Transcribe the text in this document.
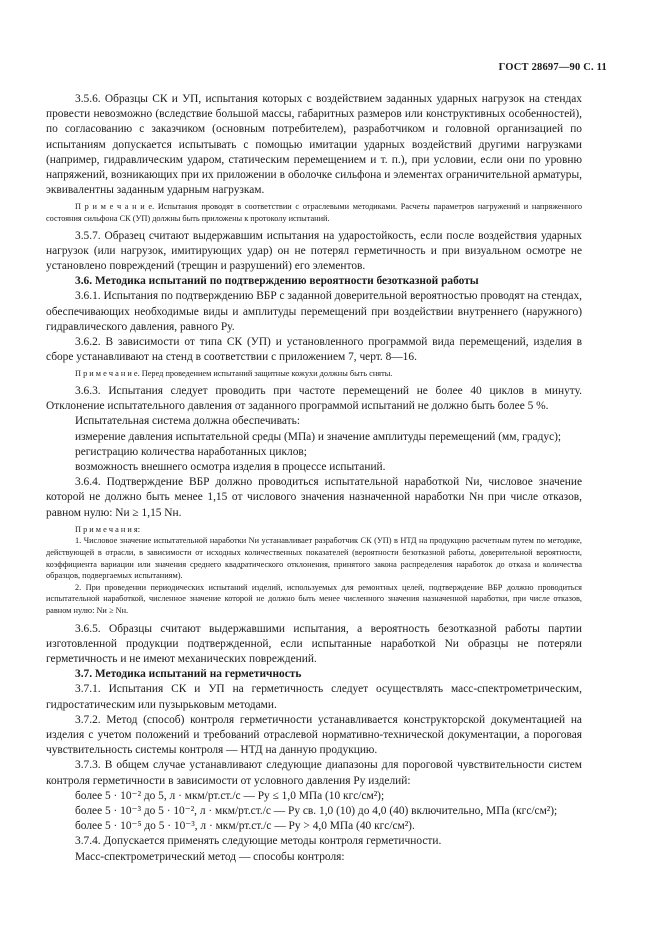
ГОСТ 28697—90 С. 11

3.5.6. Образцы СК и УП, испытания которых с воздействием заданных ударных нагрузок на стендах провести невозможно (вследствие большой массы, габаритных размеров или конструктивных особенностей), по согласованию с заказчиком (основным потребителем), разработчиком и головной организацией по испытаниям допускается испытывать с помощью имитации ударных воздействий другими нагрузками (например, гидравлическим ударом, статическим перемещением и т. п.), при условии, если они по уровню напряжений, возникающих при их приложении в оболочке сильфона и элементах ограничительной арматуры, эквивалентны заданным ударным нагрузкам.

П р и м е ч а н и е. Испытания проводят в соответствии с отраслевыми методиками. Расчеты параметров нагружений и напряженного состояния сильфона СК (УП) должны быть приложены к протоколу испытаний.

3.5.7. Образец считают выдержавшим испытания на ударостойкость, если после воздействия ударных нагрузок (или нагрузок, имитирующих удар) он не потерял герметичность и при визуальном осмотре не установлено повреждений (трещин и разрушений) его элементов.

3.6. Методика испытаний по подтверждению вероятности безотказной работы

3.6.1. Испытания по подтверждению ВБР с заданной доверительной вероятностью проводят на стендах, обеспечивающих необходимые виды и амплитуды перемещений при воздействии внутреннего (наружного) гидравлического давления, равного Pу.

3.6.2. В зависимости от типа СК (УП) и установленного программой вида перемещений, изделия в сборе устанавливают на стенд в соответствии с приложением 7, черт. 8—16.

П р и м е ч а н и е. Перед проведением испытаний защитные кожухи должны быть сняты.

3.6.3. Испытания следует проводить при частоте перемещений не более 40 циклов в минуту. Отклонение испытательного давления от заданного программой испытаний не должно быть более 5 %.

Испытательная система должна обеспечивать:

измерение давления испытательной среды (МПа) и значение амплитуды перемещений (мм, градус);

регистрацию количества наработанных циклов;

возможность внешнего осмотра изделия в процессе испытаний.

3.6.4. Подтверждение ВБР должно проводиться испытательной наработкой Nи, числовое значение которой не должно быть менее 1,15 от числового значения назначенной наработки Nн при числе отказов, равном нулю: Nи ≥ 1,15 Nн.

П р и м е ч а н и я:

1. Числовое значение испытательной наработки Nи устанавливает разработчик СК (УП) в НТД на продукцию расчетным путем по методике, действующей в отрасли, в зависимости от исходных количественных показателей (вероятности безотказной работы, доверительной вероятности, коэффициента вариации или значения среднего квадратического отклонения, принятого закона распределения наработок до отказа и количества образцов, подвергаемых испытаниям).

2. При проведении периодических испытаний изделий, используемых для ремонтных целей, подтверждение ВБР должно проводиться испытательной наработкой, численное значение которой не должно быть менее численного значения назначенной наработки, при числе отказов, равном нулю: Nи ≥ Nн.

3.6.5. Образцы считают выдержавшими испытания, а вероятность безотказной работы партии изготовленной продукции подтвержденной, если испытанные наработкой Nи образцы не потеряли герметичность и не имеют механических повреждений.

3.7. Методика испытаний на герметичность

3.7.1. Испытания СК и УП на герметичность следует осуществлять масс-спектрометрическим, гидростатическим или пузырьковым методами.

3.7.2. Метод (способ) контроля герметичности устанавливается конструкторской документацией на изделия с учетом положений и требований отраслевой нормативно-технической документации, а пороговая чувствительность системы контроля — НТД на данную продукцию.

3.7.3. В общем случае устанавливают следующие диапазоны для пороговой чувствительности систем контроля герметичности в зависимости от условного давления Pу изделий:

более 5 · 10⁻² до 5, л · мкм/рт.ст./с — Pу ≤ 1,0 МПа (10 кгс/см²);

более 5 · 10⁻³ до 5 · 10⁻², л · мкм/рт.ст./с — Pу св. 1,0 (10) до 4,0 (40) включительно, МПа (кгс/см²);

более 5 · 10⁻⁵ до 5 · 10⁻³, л · мкм/рт.ст./с — Pу > 4,0 МПа (40 кгс/см²).

3.7.4. Допускается применять следующие методы контроля герметичности.

Масс-спектрометрический метод — способы контроля:
